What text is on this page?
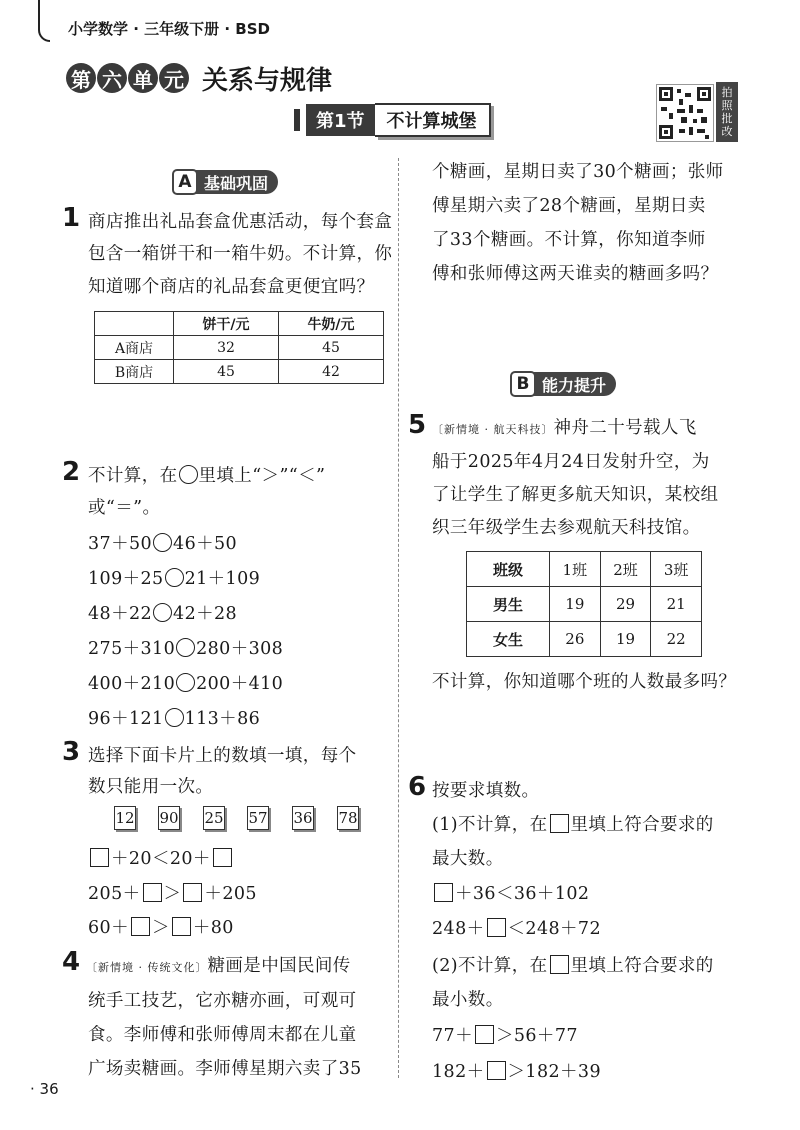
小学数学 · 三年级下册 · BSD
第 六 单 元 关系与规律
第1节	不计算城堡
拍
照
批
改
A 基础巩固
1 商店推出礼品套盒优惠活动，每个套盒
包含一箱饼干和一箱牛奶。不计算，你
知道哪个商店的礼品套盒更便宜吗？
	饼干/元	牛奶/元
A商店	32	45
B商店	45	42
2 不计算，在 里填上“＞”“＜”
或“＝”。
37＋50 46＋50
109＋25 21＋109
48＋22 42＋28
275＋310 280＋308
400＋210 200＋410
96＋121 113＋86
3 选择下面卡片上的数填一填，每个
数只能用一次。
12 90 25 57 36 78
＋20＜20＋
205＋ ＞ ＋205
60＋ ＞ ＋80
4 〔新情境 · 传统文化〕糖画是中国民间传
统手工技艺，它亦糖亦画，可观可
食。李师傅和张师傅周末都在儿童
广场卖糖画。李师傅星期六卖了35
个糖画，星期日卖了30个糖画；张师
傅星期六卖了28个糖画，星期日卖
了33个糖画。不计算，你知道李师
傅和张师傅这两天谁卖的糖画多吗？
B 能力提升
5 〔新情境 · 航天科技〕神舟二十号载人飞
船于2025年4月24日发射升空，为
了让学生了解更多航天知识，某校组
织三年级学生去参观航天科技馆。
班级	1班	2班	3班
男生	19	29	21
女生	26	19	22
不计算，你知道哪个班的人数最多吗？
6 按要求填数。
(1)不计算，在 里填上符合要求的
最大数。
＋36＜36＋102
248＋ ＜248＋72
(2)不计算，在 里填上符合要求的
最小数。
77＋ ＞56＋77
182＋ ＞182＋39
· 36
